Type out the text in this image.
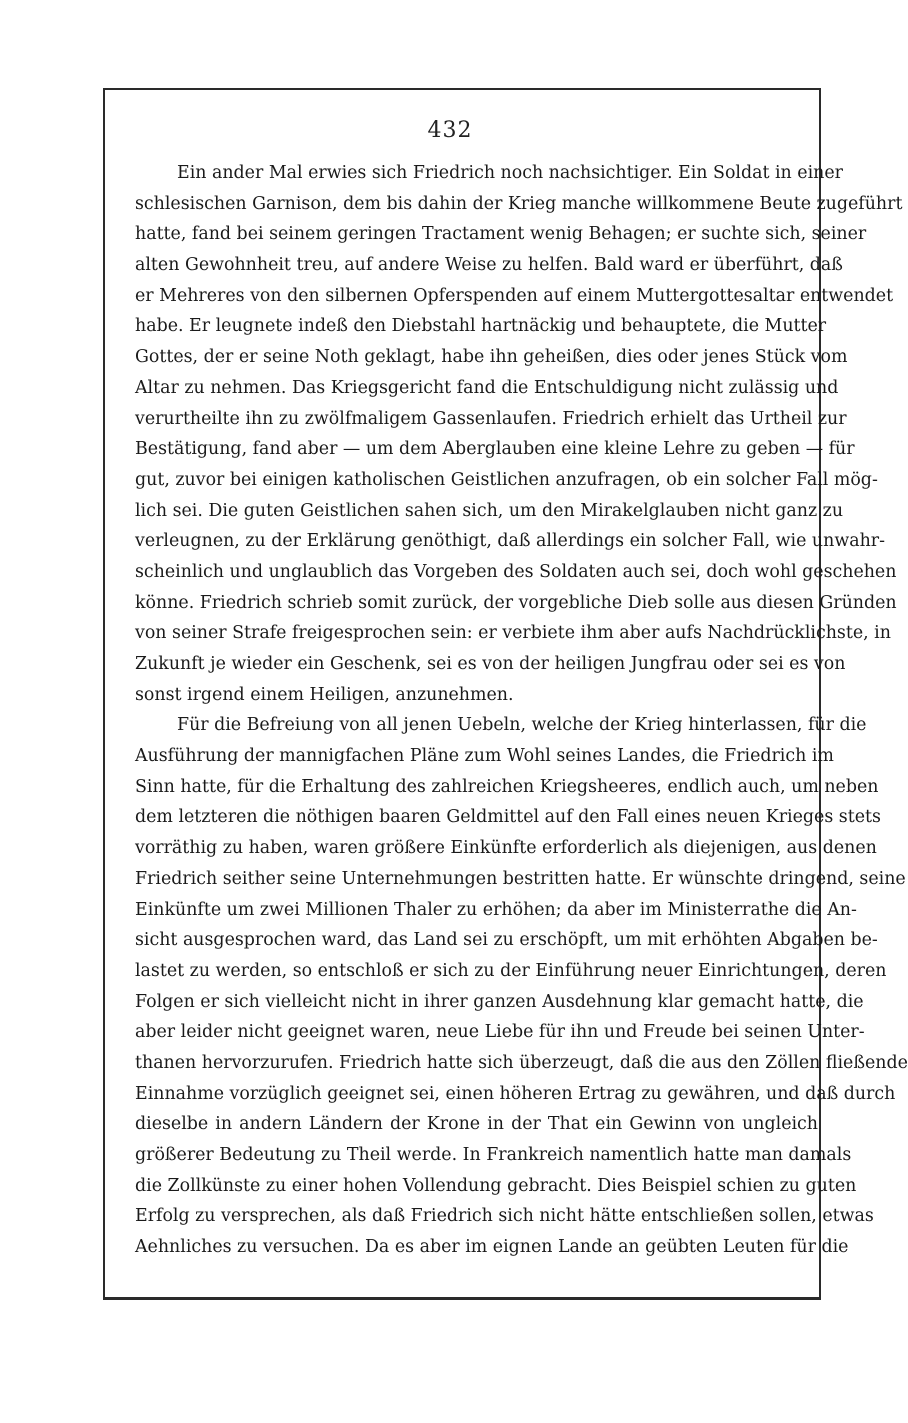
432
Ein ander Mal erwies sich Friedrich noch nachsichtiger. Ein Soldat in einer
schlesischen Garnison, dem bis dahin der Krieg manche willkommene Beute zugeführt
hatte, fand bei seinem geringen Tractament wenig Behagen; er suchte sich, seiner
alten Gewohnheit treu, auf andere Weise zu helfen. Bald ward er überführt, daß
er Mehreres von den silbernen Opferspenden auf einem Muttergottesaltar entwendet
habe. Er leugnete indeß den Diebstahl hartnäckig und behauptete, die Mutter
Gottes, der er seine Noth geklagt, habe ihn geheißen, dies oder jenes Stück vom
Altar zu nehmen. Das Kriegsgericht fand die Entschuldigung nicht zulässig und
verurtheilte ihn zu zwölfmaligem Gassenlaufen. Friedrich erhielt das Urtheil zur
Bestätigung, fand aber — um dem Aberglauben eine kleine Lehre zu geben — für
gut, zuvor bei einigen katholischen Geistlichen anzufragen, ob ein solcher Fall mög-
lich sei. Die guten Geistlichen sahen sich, um den Mirakelglauben nicht ganz zu
verleugnen, zu der Erklärung genöthigt, daß allerdings ein solcher Fall, wie unwahr-
scheinlich und unglaublich das Vorgeben des Soldaten auch sei, doch wohl geschehen
könne. Friedrich schrieb somit zurück, der vorgebliche Dieb solle aus diesen Gründen
von seiner Strafe freigesprochen sein: er verbiete ihm aber aufs Nachdrücklichste, in
Zukunft je wieder ein Geschenk, sei es von der heiligen Jungfrau oder sei es von
sonst irgend einem Heiligen, anzunehmen.
Für die Befreiung von all jenen Uebeln, welche der Krieg hinterlassen, für die
Ausführung der mannigfachen Pläne zum Wohl seines Landes, die Friedrich im
Sinn hatte, für die Erhaltung des zahlreichen Kriegsheeres, endlich auch, um neben
dem letzteren die nöthigen baaren Geldmittel auf den Fall eines neuen Krieges stets
vorräthig zu haben, waren größere Einkünfte erforderlich als diejenigen, aus denen
Friedrich seither seine Unternehmungen bestritten hatte. Er wünschte dringend, seine
Einkünfte um zwei Millionen Thaler zu erhöhen; da aber im Ministerrathe die An-
sicht ausgesprochen ward, das Land sei zu erschöpft, um mit erhöhten Abgaben be-
lastet zu werden, so entschloß er sich zu der Einführung neuer Einrichtungen, deren
Folgen er sich vielleicht nicht in ihrer ganzen Ausdehnung klar gemacht hatte, die
aber leider nicht geeignet waren, neue Liebe für ihn und Freude bei seinen Unter-
thanen hervorzurufen. Friedrich hatte sich überzeugt, daß die aus den Zöllen fließende
Einnahme vorzüglich geeignet sei, einen höheren Ertrag zu gewähren, und daß durch
dieselbe in andern Ländern der Krone in der That ein Gewinn von ungleich
größerer Bedeutung zu Theil werde. In Frankreich namentlich hatte man damals
die Zollkünste zu einer hohen Vollendung gebracht. Dies Beispiel schien zu guten
Erfolg zu versprechen, als daß Friedrich sich nicht hätte entschließen sollen, etwas
Aehnliches zu versuchen. Da es aber im eignen Lande an geübten Leuten für die
